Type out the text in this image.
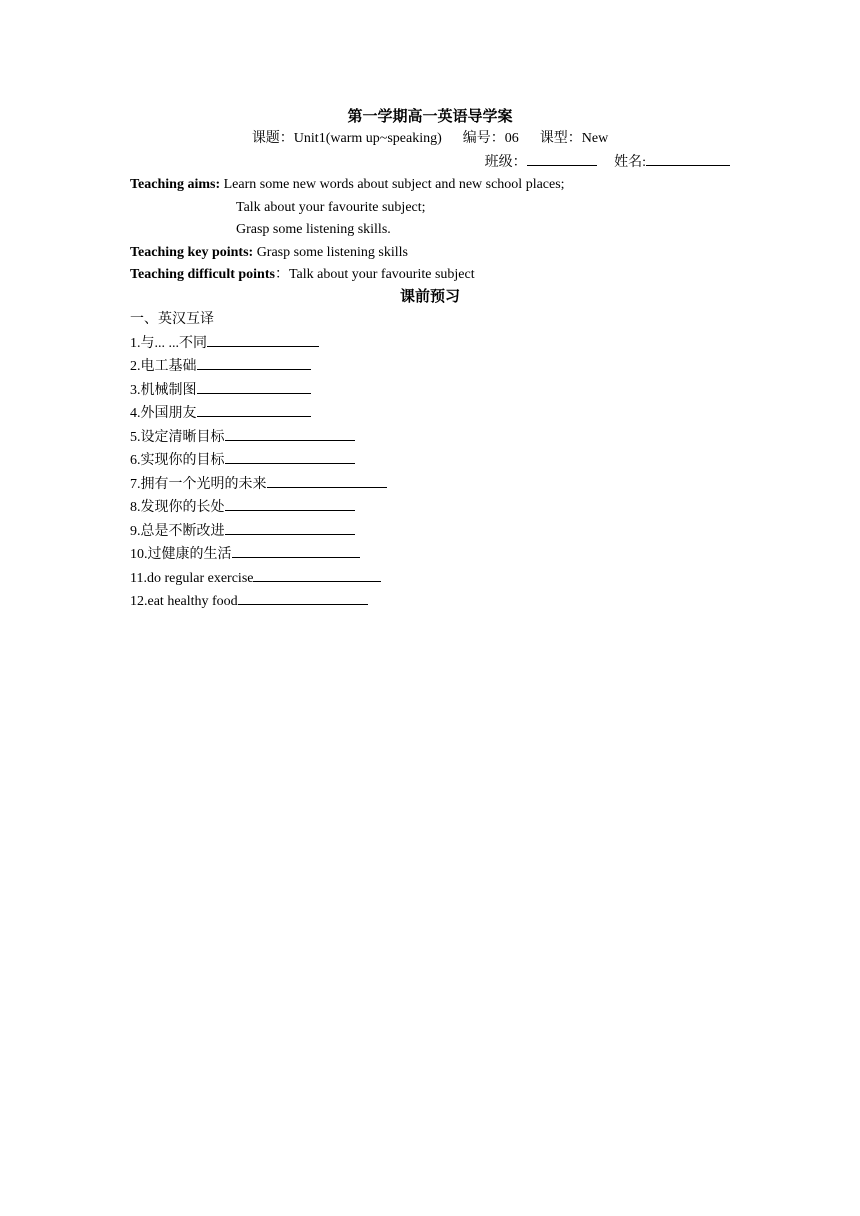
第一学期高一英语导学案
课题：Unit1(warm up~speaking) 编号：06 课型：New
班级：	姓名:
Teaching aims: Learn some new words about subject and new school places;
Talk about your favourite subject;
Grasp some listening skills.
Teaching key points: Grasp some listening skills
Teaching difficult points：Talk about your favourite subject
课前预习
一、英汉互译
1.与... ...不同
2.电工基础
3.机械制图
4.外国朋友
5.设定清晰目标
6.实现你的目标
7.拥有一个光明的未来
8.发现你的长处
9.总是不断改进
10.过健康的生活
11.do regular exercise
12.eat healthy food
